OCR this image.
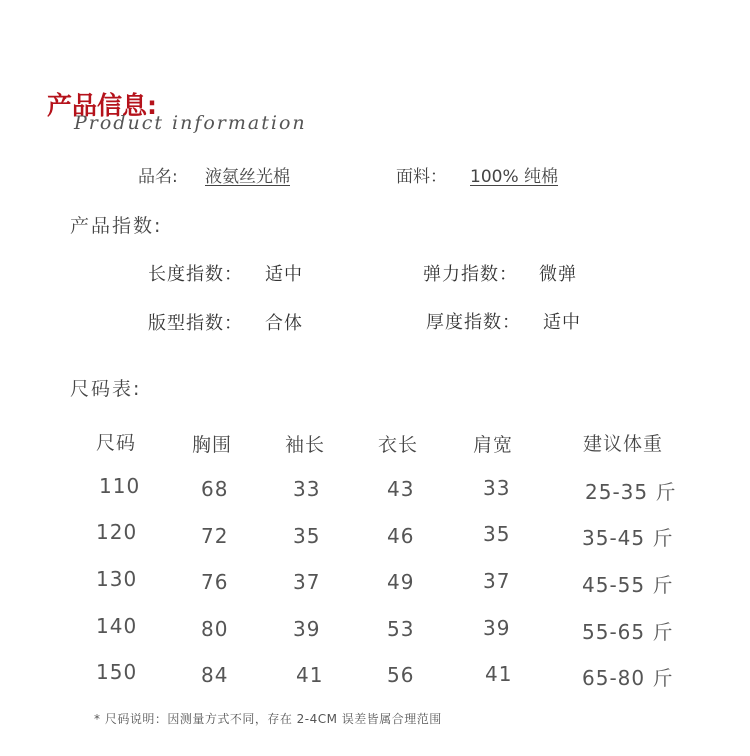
产品信息:
Product information
品名: 液氨丝光棉	面料： 100% 纯棉
产品指数:
长度指数： 适中	弹力指数： 微弹
版型指数： 合体	厚度指数： 适中
尺码表:
尺码	胸围	袖长	衣长	肩宽	建议体重
110	68	33	43	33	25-35 斤
120	72	35	46	35	35-45 斤
130	76	37	49	37	45-55 斤
140	80	39	53	39	55-65 斤
150	84	41	56	41	65-80 斤
* 尺码说明：因测量方式不同，存在 2-4CM 误差皆属合理范围
